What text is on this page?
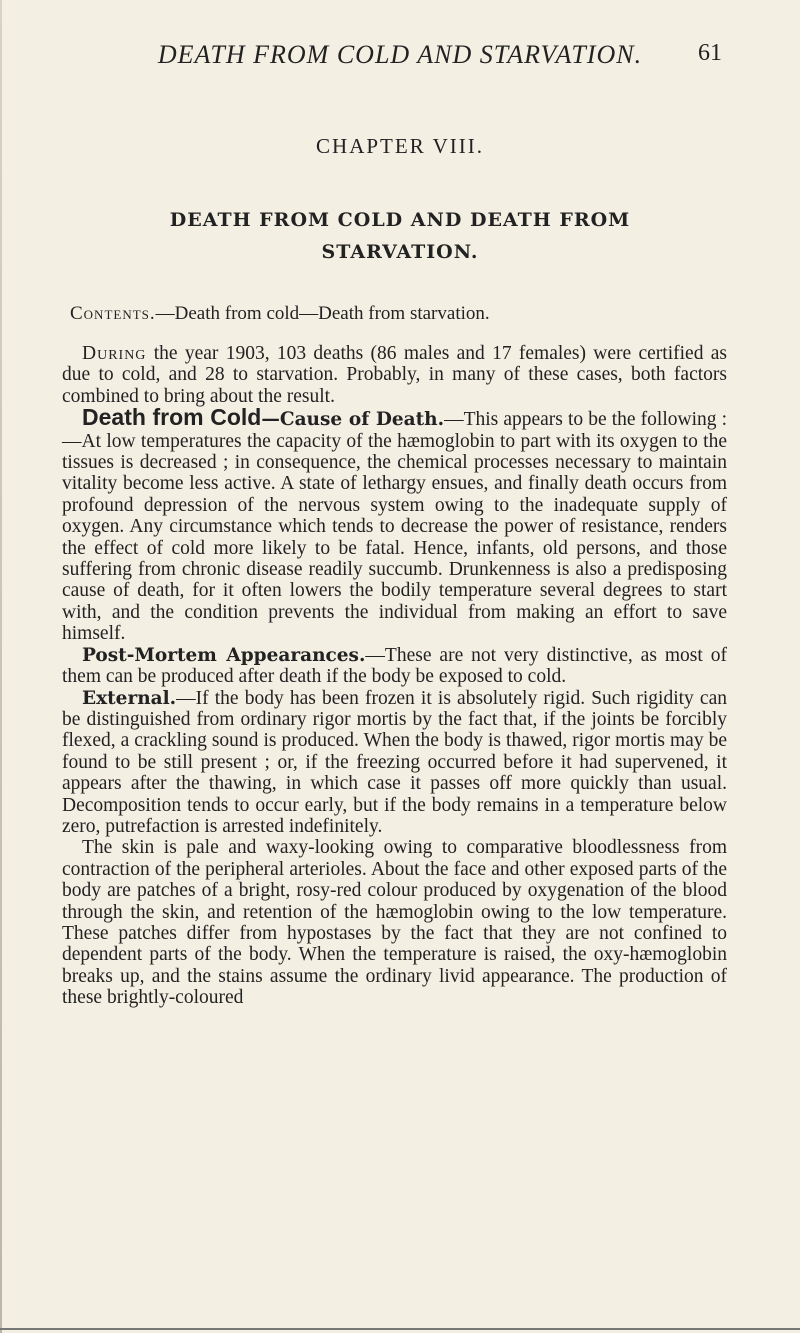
DEATH FROM COLD AND STARVATION.	61
CHAPTER VIII.
DEATH FROM COLD AND DEATH FROM
STARVATION.
Contents.—Death from cold—Death from starvation.

During the year 1903, 103 deaths (86 males and 17 females) were certified as due to cold, and 28 to starvation. Probably, in many of these cases, both factors combined to bring about the result.

Death from Cold—Cause of Death.—This appears to be the following :—At low temperatures the capacity of the hæmoglobin to part with its oxygen to the tissues is decreased ; in consequence, the chemical processes necessary to maintain vitality become less active. A state of lethargy ensues, and finally death occurs from profound depression of the nervous system owing to the inadequate supply of oxygen. Any circumstance which tends to decrease the power of resistance, renders the effect of cold more likely to be fatal. Hence, infants, old persons, and those suffering from chronic disease readily succumb. Drunkenness is also a predisposing cause of death, for it often lowers the bodily temperature several degrees to start with, and the condition prevents the individual from making an effort to save himself.

Post-Mortem Appearances.—These are not very distinctive, as most of them can be produced after death if the body be exposed to cold.

External.—If the body has been frozen it is absolutely rigid. Such rigidity can be distinguished from ordinary rigor mortis by the fact that, if the joints be forcibly flexed, a crackling sound is produced. When the body is thawed, rigor mortis may be found to be still present ; or, if the freezing occurred before it had supervened, it appears after the thawing, in which case it passes off more quickly than usual. Decomposition tends to occur early, but if the body remains in a temperature below zero, putrefaction is arrested indefinitely.

The skin is pale and waxy-looking owing to comparative bloodlessness from contraction of the peripheral arterioles. About the face and other exposed parts of the body are patches of a bright, rosy-red colour produced by oxygenation of the blood through the skin, and retention of the hæmoglobin owing to the low temperature. These patches differ from hypostases by the fact that they are not confined to dependent parts of the body. When the temperature is raised, the oxy-hæmoglobin breaks up, and the stains assume the ordinary livid appearance. The production of these brightly-coloured
